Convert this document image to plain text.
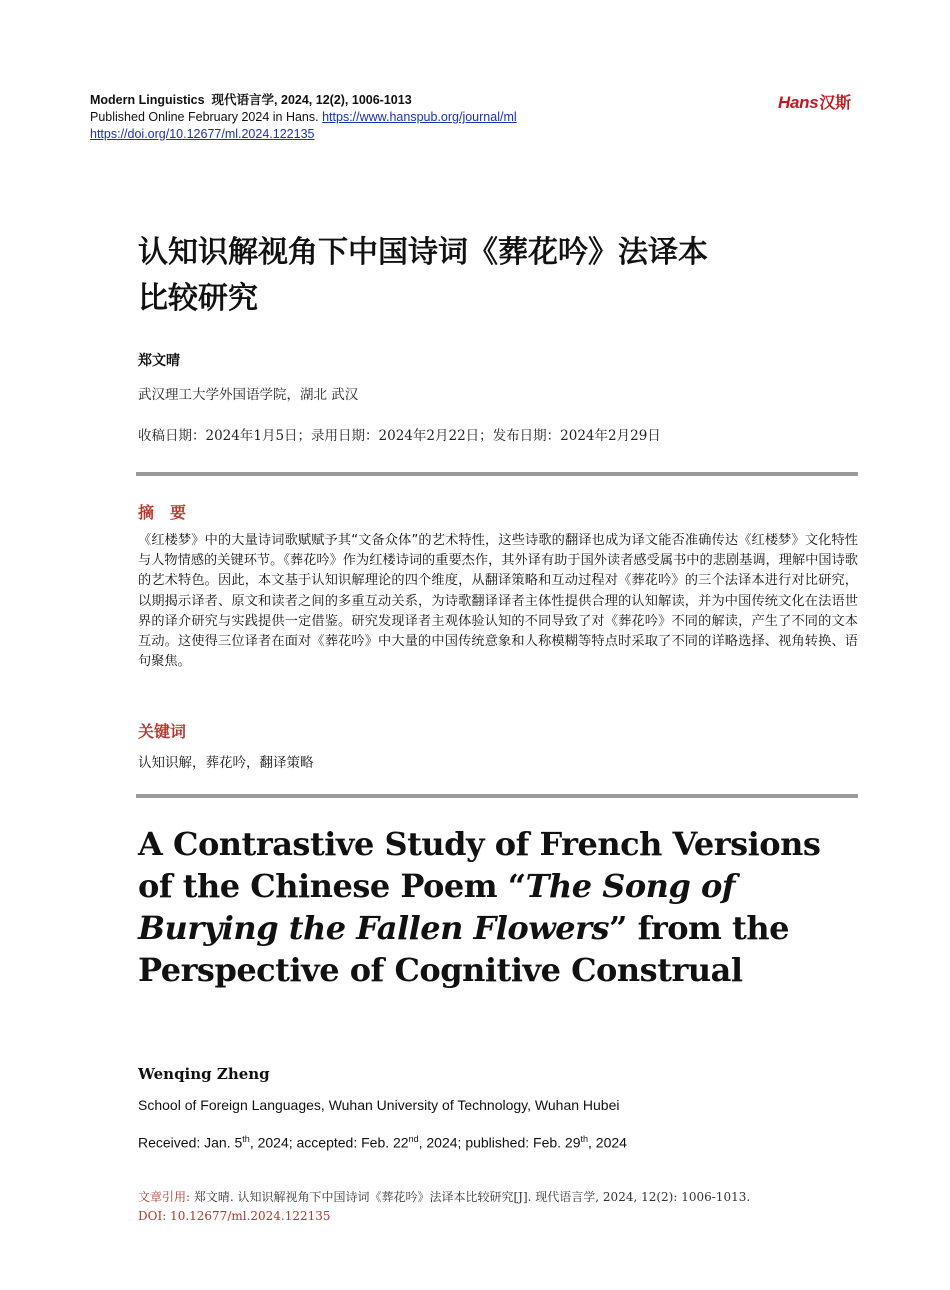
Modern Linguistics 现代语言学, 2024, 12(2), 1006-1013
Published Online February 2024 in Hans. https://www.hanspub.org/journal/ml
https://doi.org/10.12677/ml.2024.122135
Hans汉斯
认知识解视角下中国诗词《葬花吟》法译本
比较研究
郑文晴
武汉理工大学外国语学院，湖北 武汉
收稿日期：2024年1月5日；录用日期：2024年2月22日；发布日期：2024年2月29日
摘　要
《红楼梦》中的大量诗词歌赋赋予其“文备众体”的艺术特性，这些诗歌的翻译也成为译文能否准确传达《红楼梦》文化特性与人物情感的关键环节。《葬花吟》作为红楼诗词的重要杰作，其外译有助于国外读者感受属书中的悲剧基调，理解中国诗歌的艺术特色。因此，本文基于认知识解理论的四个维度，从翻译策略和互动过程对《葬花吟》的三个法译本进行对比研究，以期揭示译者、原文和读者之间的多重互动关系，为诗歌翻译译者主体性提供合理的认知解读，并为中国传统文化在法语世界的译介研究与实践提供一定借鉴。研究发现译者主观体验认知的不同导致了对《葬花吟》不同的解读，产生了不同的文本互动。这使得三位译者在面对《葬花吟》中大量的中国传统意象和人称模糊等特点时采取了不同的详略选择、视角转换、语句聚焦。
关键词
认知识解，葬花吟，翻译策略
A Contrastive Study of French Versions of the Chinese Poem “The Song of Burying the Fallen Flowers” from the Perspective of Cognitive Construal
Wenqing Zheng
School of Foreign Languages, Wuhan University of Technology, Wuhan Hubei
Received: Jan. 5th, 2024; accepted: Feb. 22nd, 2024; published: Feb. 29th, 2024
文章引用: 郑文晴. 认知识解视角下中国诗词《葬花吟》法译本比较研究[J]. 现代语言学, 2024, 12(2): 1006-1013.
DOI: 10.12677/ml.2024.122135
